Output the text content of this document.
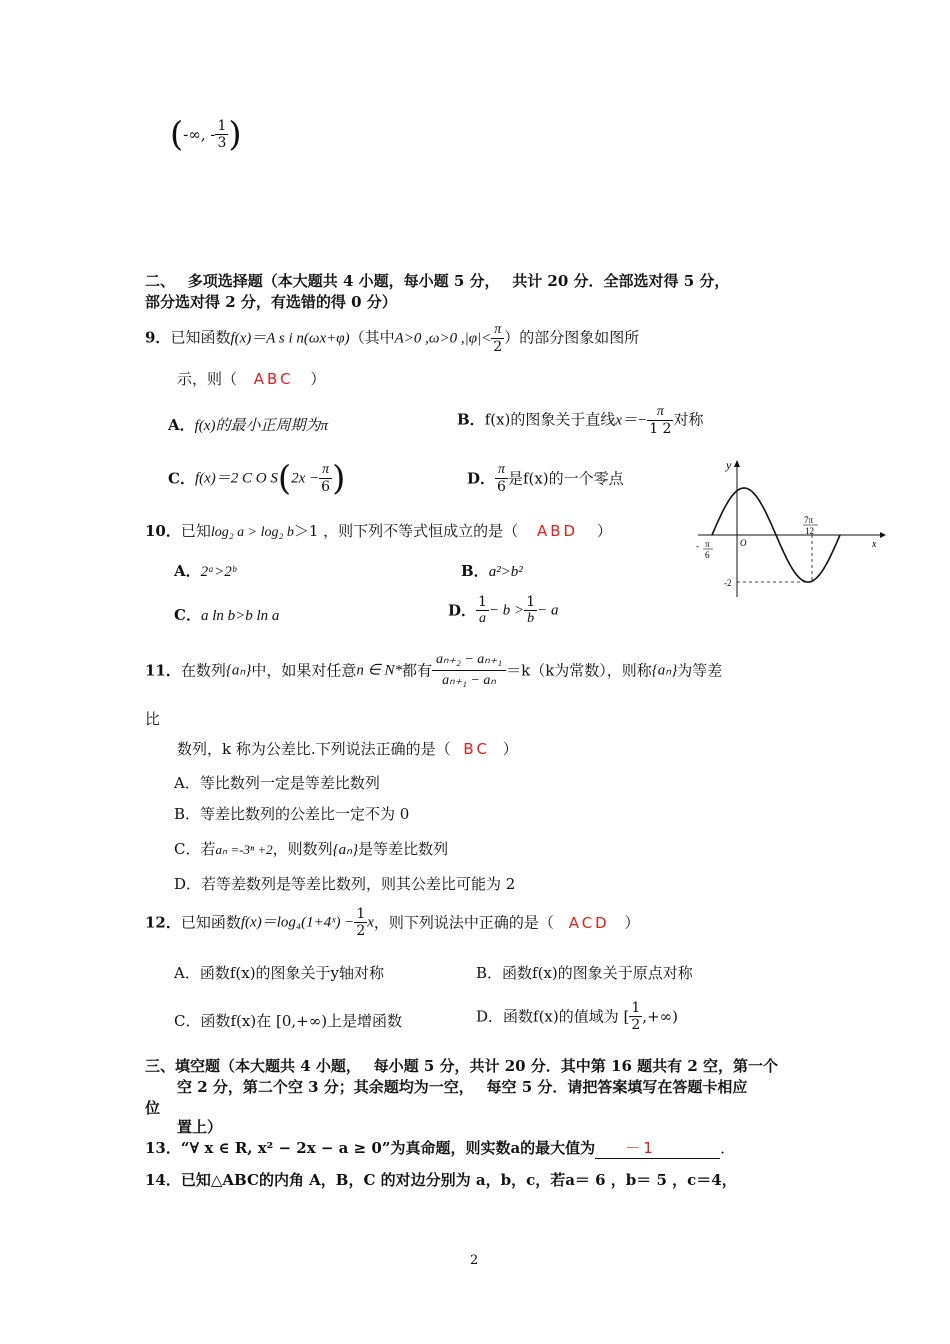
(-∞, - $\frac{1}{3}$ )
二、　 多项选择题（本大题共 4 小题，每小题 5 分，　 共计 20 分．全部选对得 5 分，
部分选对得 2 分，有选错的得 0 分）
9．已知函数f(x)＝A s i n(ωx+φ)（其中A>0 ,ω>0 $,|\varphi|< \frac{\pi}{2}$ ）的部分图象如图所
示，则（ ABC ）
A．f(x)的最小正周期为π	B．f(x)的图象关于直线$x=- \frac{\pi}{1 2}$ 对称
C．f(x)＝2 C O $S(2x - \frac{\pi}{6}$ )	D． $\frac{\pi}{6}$ 是f(x)的一个零点
y
x
O
- π
6
7π
12
-2
10．已知log₂ a > log₂ b＞1 ，则下列不等式恒成立的是（ ABD ）
A．2ᵃ>2ᵇ	B．a²>b²
C．a ln b>b ln a	D． $\frac{1}{a} - b > \frac{1}{b} - a$
11．在数列{aₙ}中，如果对任意n ∈ N*都有 $\frac{\text{aₙ₊₂ − aₙ₊₁}}{\text{aₙ₊₁ − aₙ}} =k(k$为常数），则称{aₙ}为等差
比
数列，k 称为公差比.下列说法正确的是（ BC ）
A．等比数列一定是等差比数列
B．等差比数列的公差比一定不为 0
C．若aₙ =-3ⁿ +2，则数列{aₙ}是等差比数列
D．若等差数列是等差比数列，则其公差比可能为 2
12．已知函数f(x)＝log₄(1+4ˣ) − $\frac{1}{2}$ x，则下列说法中正确的是（ ACD ）
A．函数f(x)的图象关于y轴对称	B．函数f(x)的图象关于原点对称
C．函数f(x)在 [0,+∞)上是增函数	D．函数f(x)的值域为 [ $\frac{1}{2}$ ,+∞)
三、填空题（本大题共 4 小题，　 每小题 5 分，共计 20 分．其中第 16 题共有 2 空，第一个
空 2 分，第二个空 3 分；其余题均为一空，　 每空 5 分．请把答案填写在答题卡相应
位
置上）
13．“∀ x ∈ R, x² − 2x − a ≥ 0”为真命题，则实数a的最大值为 －1	．
14．已知△ABC的内角 A，B，C 的对边分别为 a，b，c，若a＝ 6 ，b＝ 5 ，c＝4，
2
